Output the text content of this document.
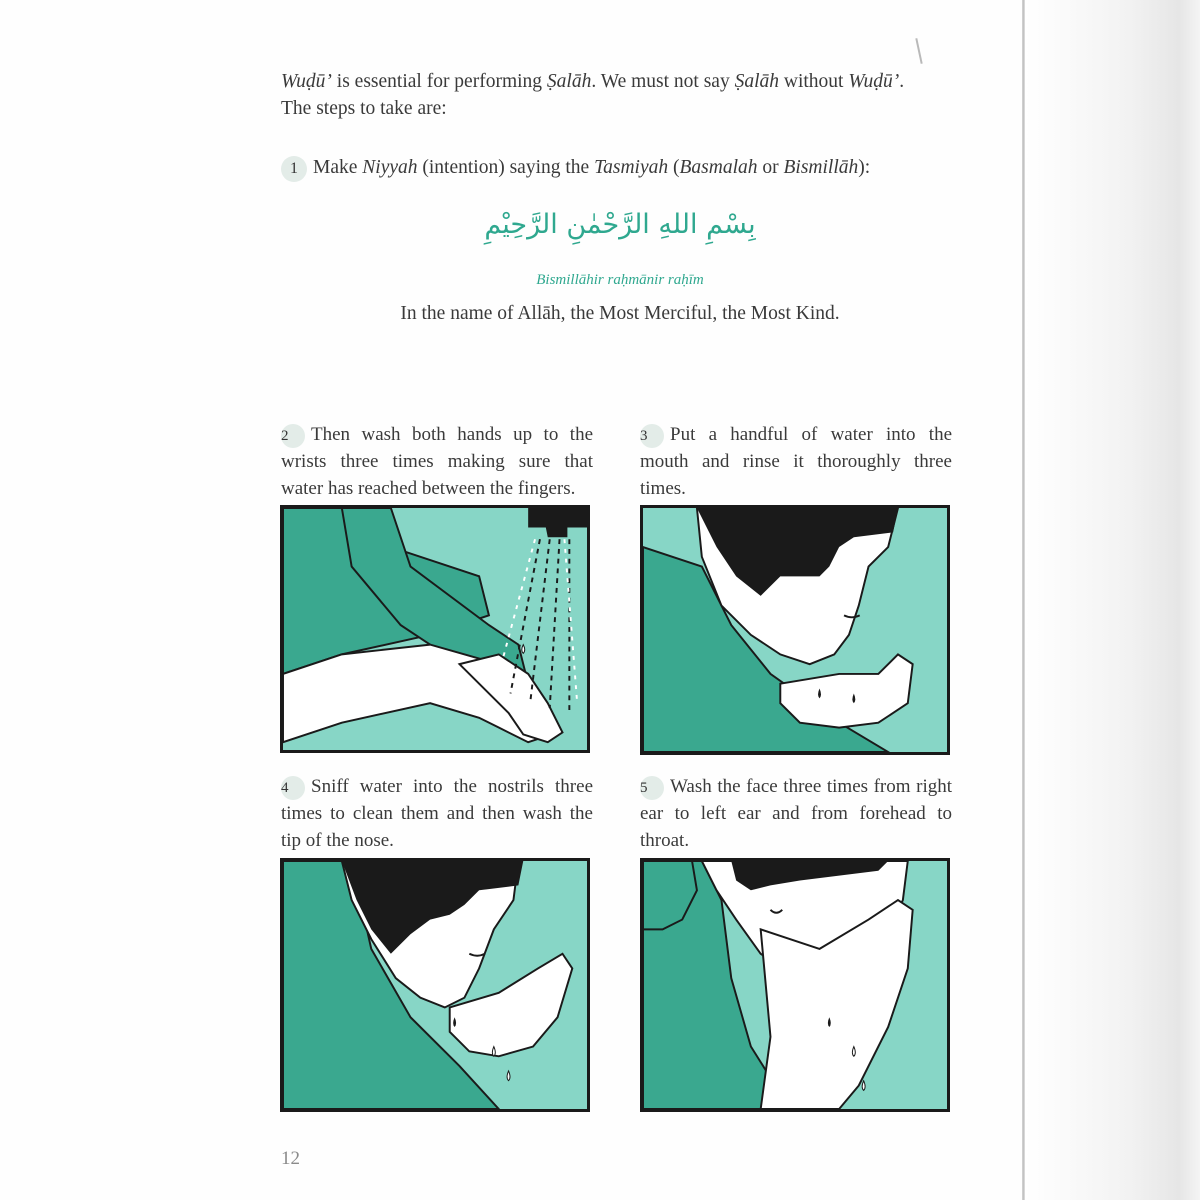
Wuḍū’ is essential for performing Ṣalāh. We must not say Ṣalāh without Wuḍū’.
The steps to take are:
1 Make Niyyah (intention) saying the Tasmiyah (Basmalah or Bismillāh):
بِسْمِ اللهِ الرَّحْمٰنِ الرَّحِيْمِ
Bismillāhir raḥmānir raḥīm
In the name of Allāh, the Most Merciful, the Most Kind.
2 Then wash both hands up to the wrists three times making sure that water has reached between the fingers.
3 Put a handful of water into the mouth and rinse it thoroughly three times.
4 Sniff water into the nostrils three times to clean them and then wash the tip of the nose.
5 Wash the face three times from right ear to left ear and from forehead to throat.
12
